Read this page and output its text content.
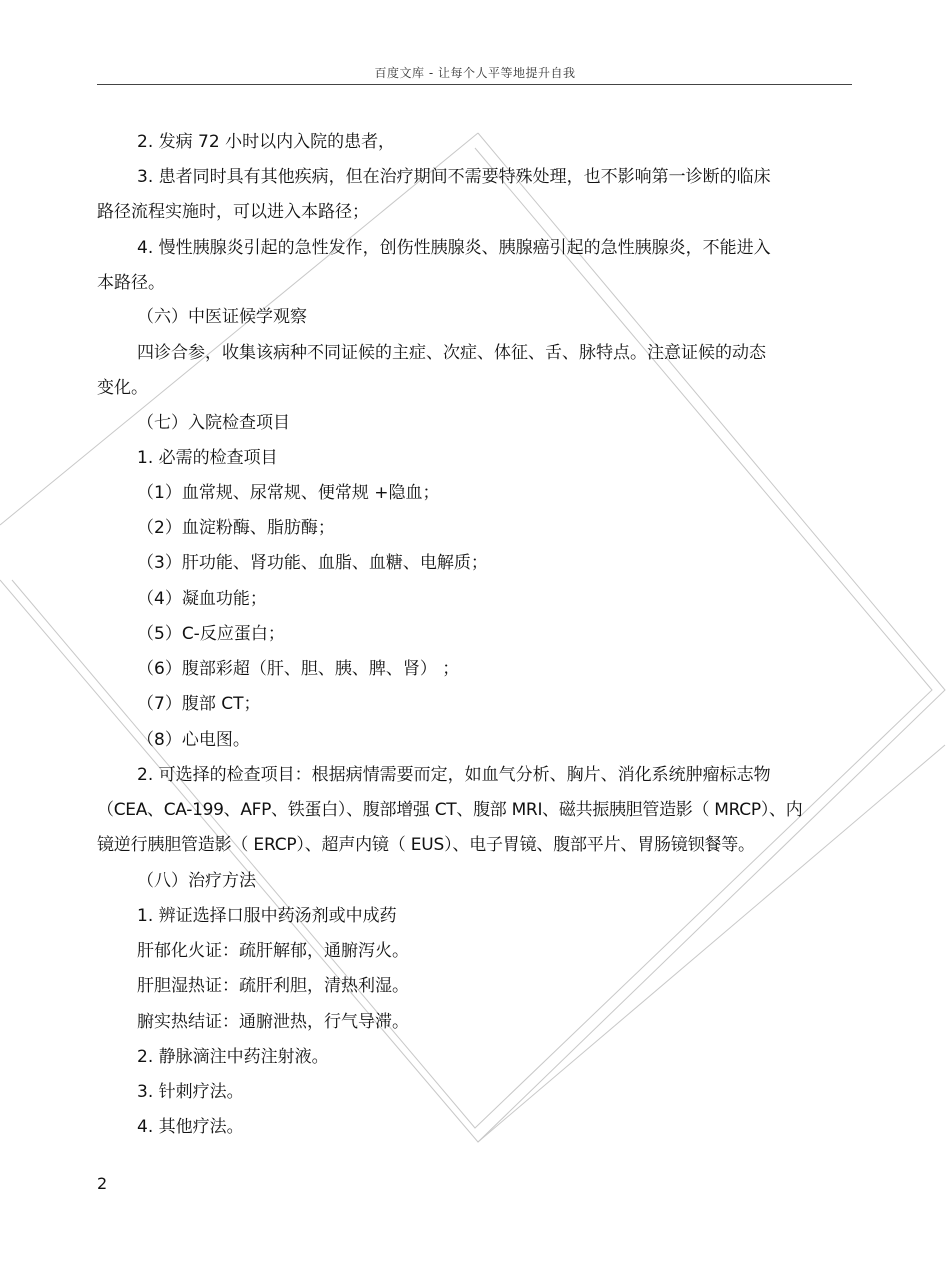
百度文库 - 让每个人平等地提升自我
2. 发病 72 小时以内入院的患者，
3. 患者同时具有其他疾病，但在治疗期间不需要特殊处理，也不影响第一诊断的临床
路径流程实施时，可以进入本路径；
4. 慢性胰腺炎引起的急性发作，创伤性胰腺炎、胰腺癌引起的急性胰腺炎，不能进入
本路径。
（六）中医证候学观察
四诊合参，收集该病种不同证候的主症、次症、体征、舌、脉特点。注意证候的动态
变化。
（七）入院检查项目
1. 必需的检查项目
（1）血常规、尿常规、便常规 +隐血；
（2）血淀粉酶、脂肪酶；
（3）肝功能、肾功能、血脂、血糖、电解质；
（4）凝血功能；
（5）C-反应蛋白；
（6）腹部彩超（肝、胆、胰、脾、肾） ；
（7）腹部 CT；
（8）心电图。
2. 可选择的检查项目：根据病情需要而定，如血气分析、胸片、消化系统肿瘤标志物
（CEA、CA-199、AFP、铁蛋白）、腹部增强 CT、腹部 MRI、磁共振胰胆管造影（ MRCP）、内
镜逆行胰胆管造影（ ERCP）、超声内镜（ EUS）、电子胃镜、腹部平片、胃肠镜钡餐等。
（八）治疗方法
1. 辨证选择口服中药汤剂或中成药
肝郁化火证：疏肝解郁，通腑泻火。
肝胆湿热证：疏肝利胆，清热利湿。
腑实热结证：通腑泄热，行气导滞。
2. 静脉滴注中药注射液。
3. 针刺疗法。
4. 其他疗法。
2
